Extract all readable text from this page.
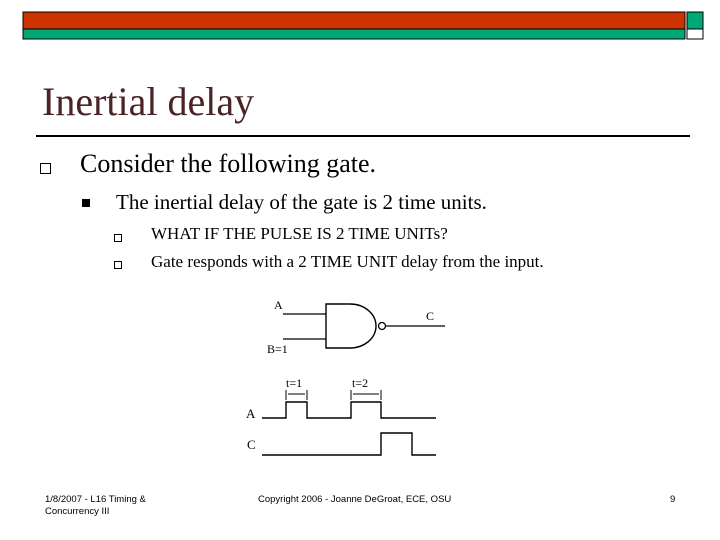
Inertial delay
Consider the following gate.
The inertial delay of the gate is 2 time units.
WHAT IF THE PULSE IS 2 TIME UNITs?
Gate responds with a 2 TIME UNIT delay from the input.
A
C
B=1
t=1	t=2
A
C
1/8/2007 - L16 Timing &
Concurrency III
Copyright 2006 - Joanne DeGroat, ECE, OSU	9
